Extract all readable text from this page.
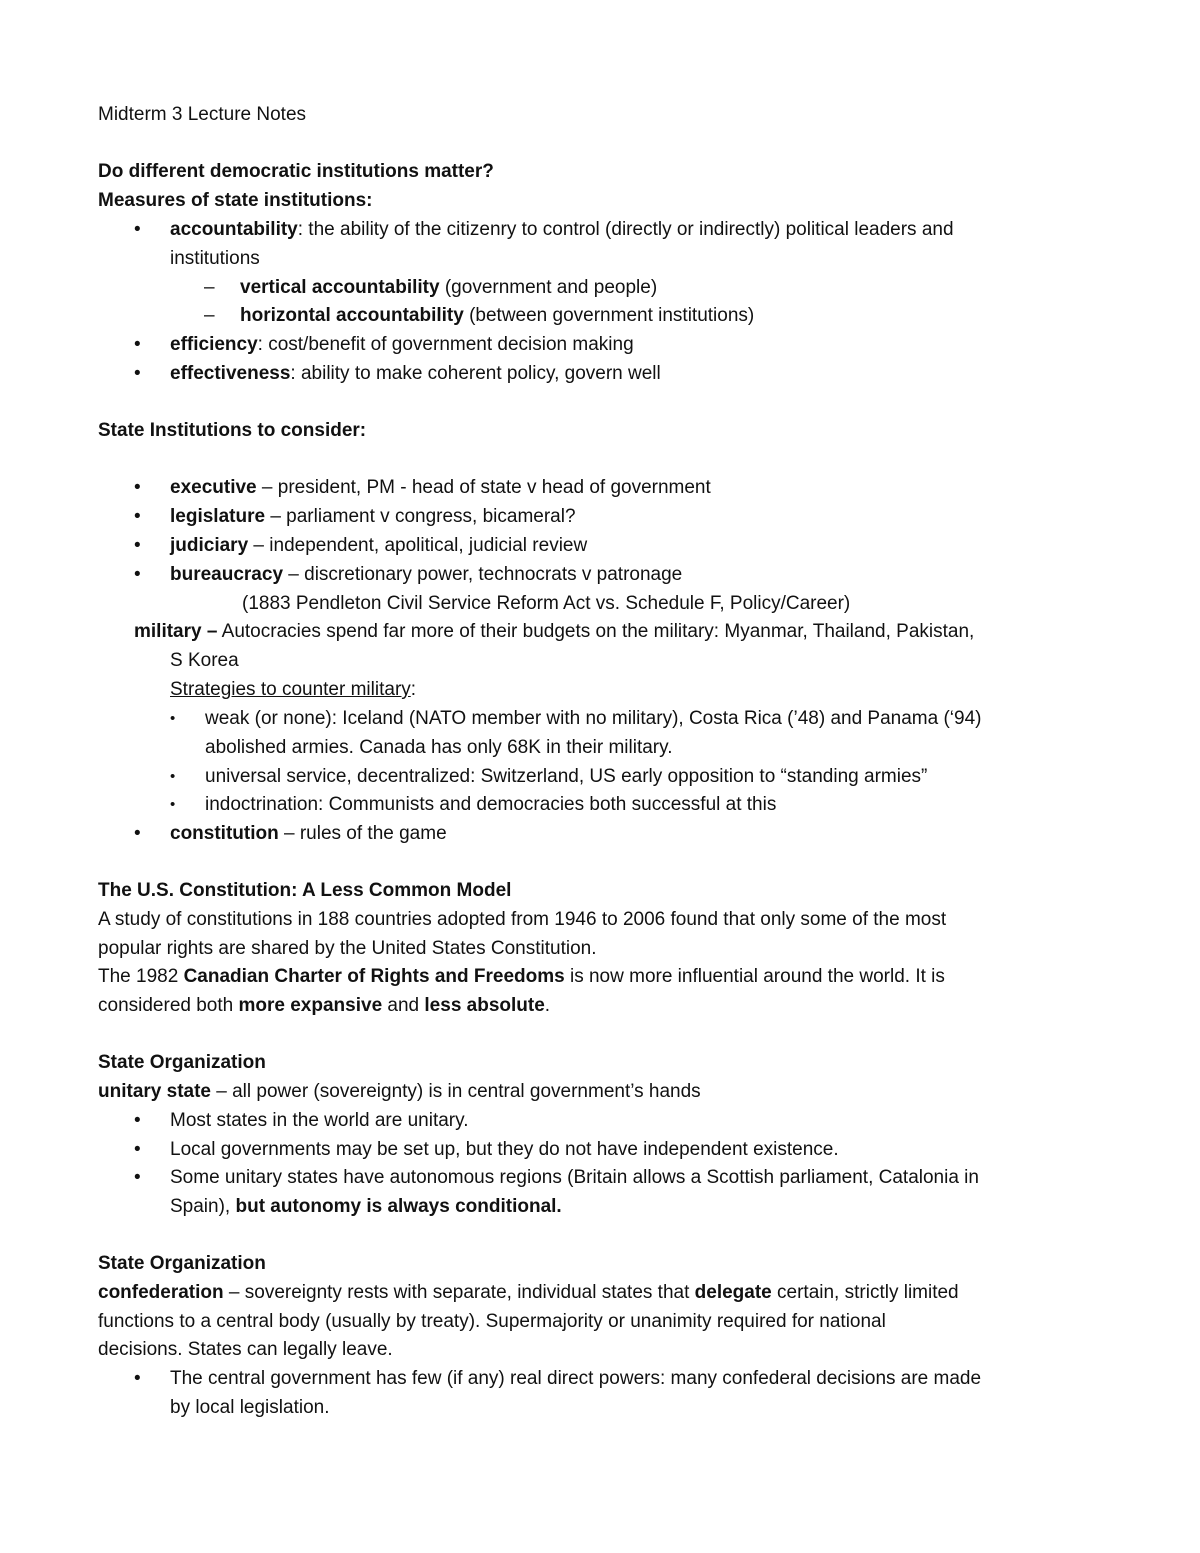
Midterm 3 Lecture Notes
Do different democratic institutions matter?
Measures of state institutions:
• accountability: the ability of the citizenry to control (directly or indirectly) political leaders and
institutions
– vertical accountability (government and people)
– horizontal accountability (between government institutions)
• efficiency: cost/benefit of government decision making
• effectiveness: ability to make coherent policy, govern well
State Institutions to consider:
• executive – president, PM - head of state v head of government
• legislature – parliament v congress, bicameral?
• judiciary – independent, apolitical, judicial review
• bureaucracy – discretionary power, technocrats v patronage
(1883 Pendleton Civil Service Reform Act vs. Schedule F, Policy/Career)
military – Autocracies spend far more of their budgets on the military: Myanmar, Thailand, Pakistan,
S Korea
Strategies to counter military:
• weak (or none): Iceland (NATO member with no military), Costa Rica (’48) and Panama (‘94)
abolished armies. Canada has only 68K in their military.
• universal service, decentralized: Switzerland, US early opposition to “standing armies”
• indoctrination: Communists and democracies both successful at this
• constitution – rules of the game
The U.S. Constitution: A Less Common Model
A study of constitutions in 188 countries adopted from 1946 to 2006 found that only some of the most
popular rights are shared by the United States Constitution.
The 1982 Canadian Charter of Rights and Freedoms is now more influential around the world. It is
considered both more expansive and less absolute.
State Organization
unitary state – all power (sovereignty) is in central government’s hands
• Most states in the world are unitary.
• Local governments may be set up, but they do not have independent existence.
• Some unitary states have autonomous regions (Britain allows a Scottish parliament, Catalonia in
Spain), but autonomy is always conditional.
State Organization
confederation – sovereignty rests with separate, individual states that delegate certain, strictly limited
functions to a central body (usually by treaty). Supermajority or unanimity required for national
decisions. States can legally leave.
• The central government has few (if any) real direct powers: many confederal decisions are made
by local legislation.
